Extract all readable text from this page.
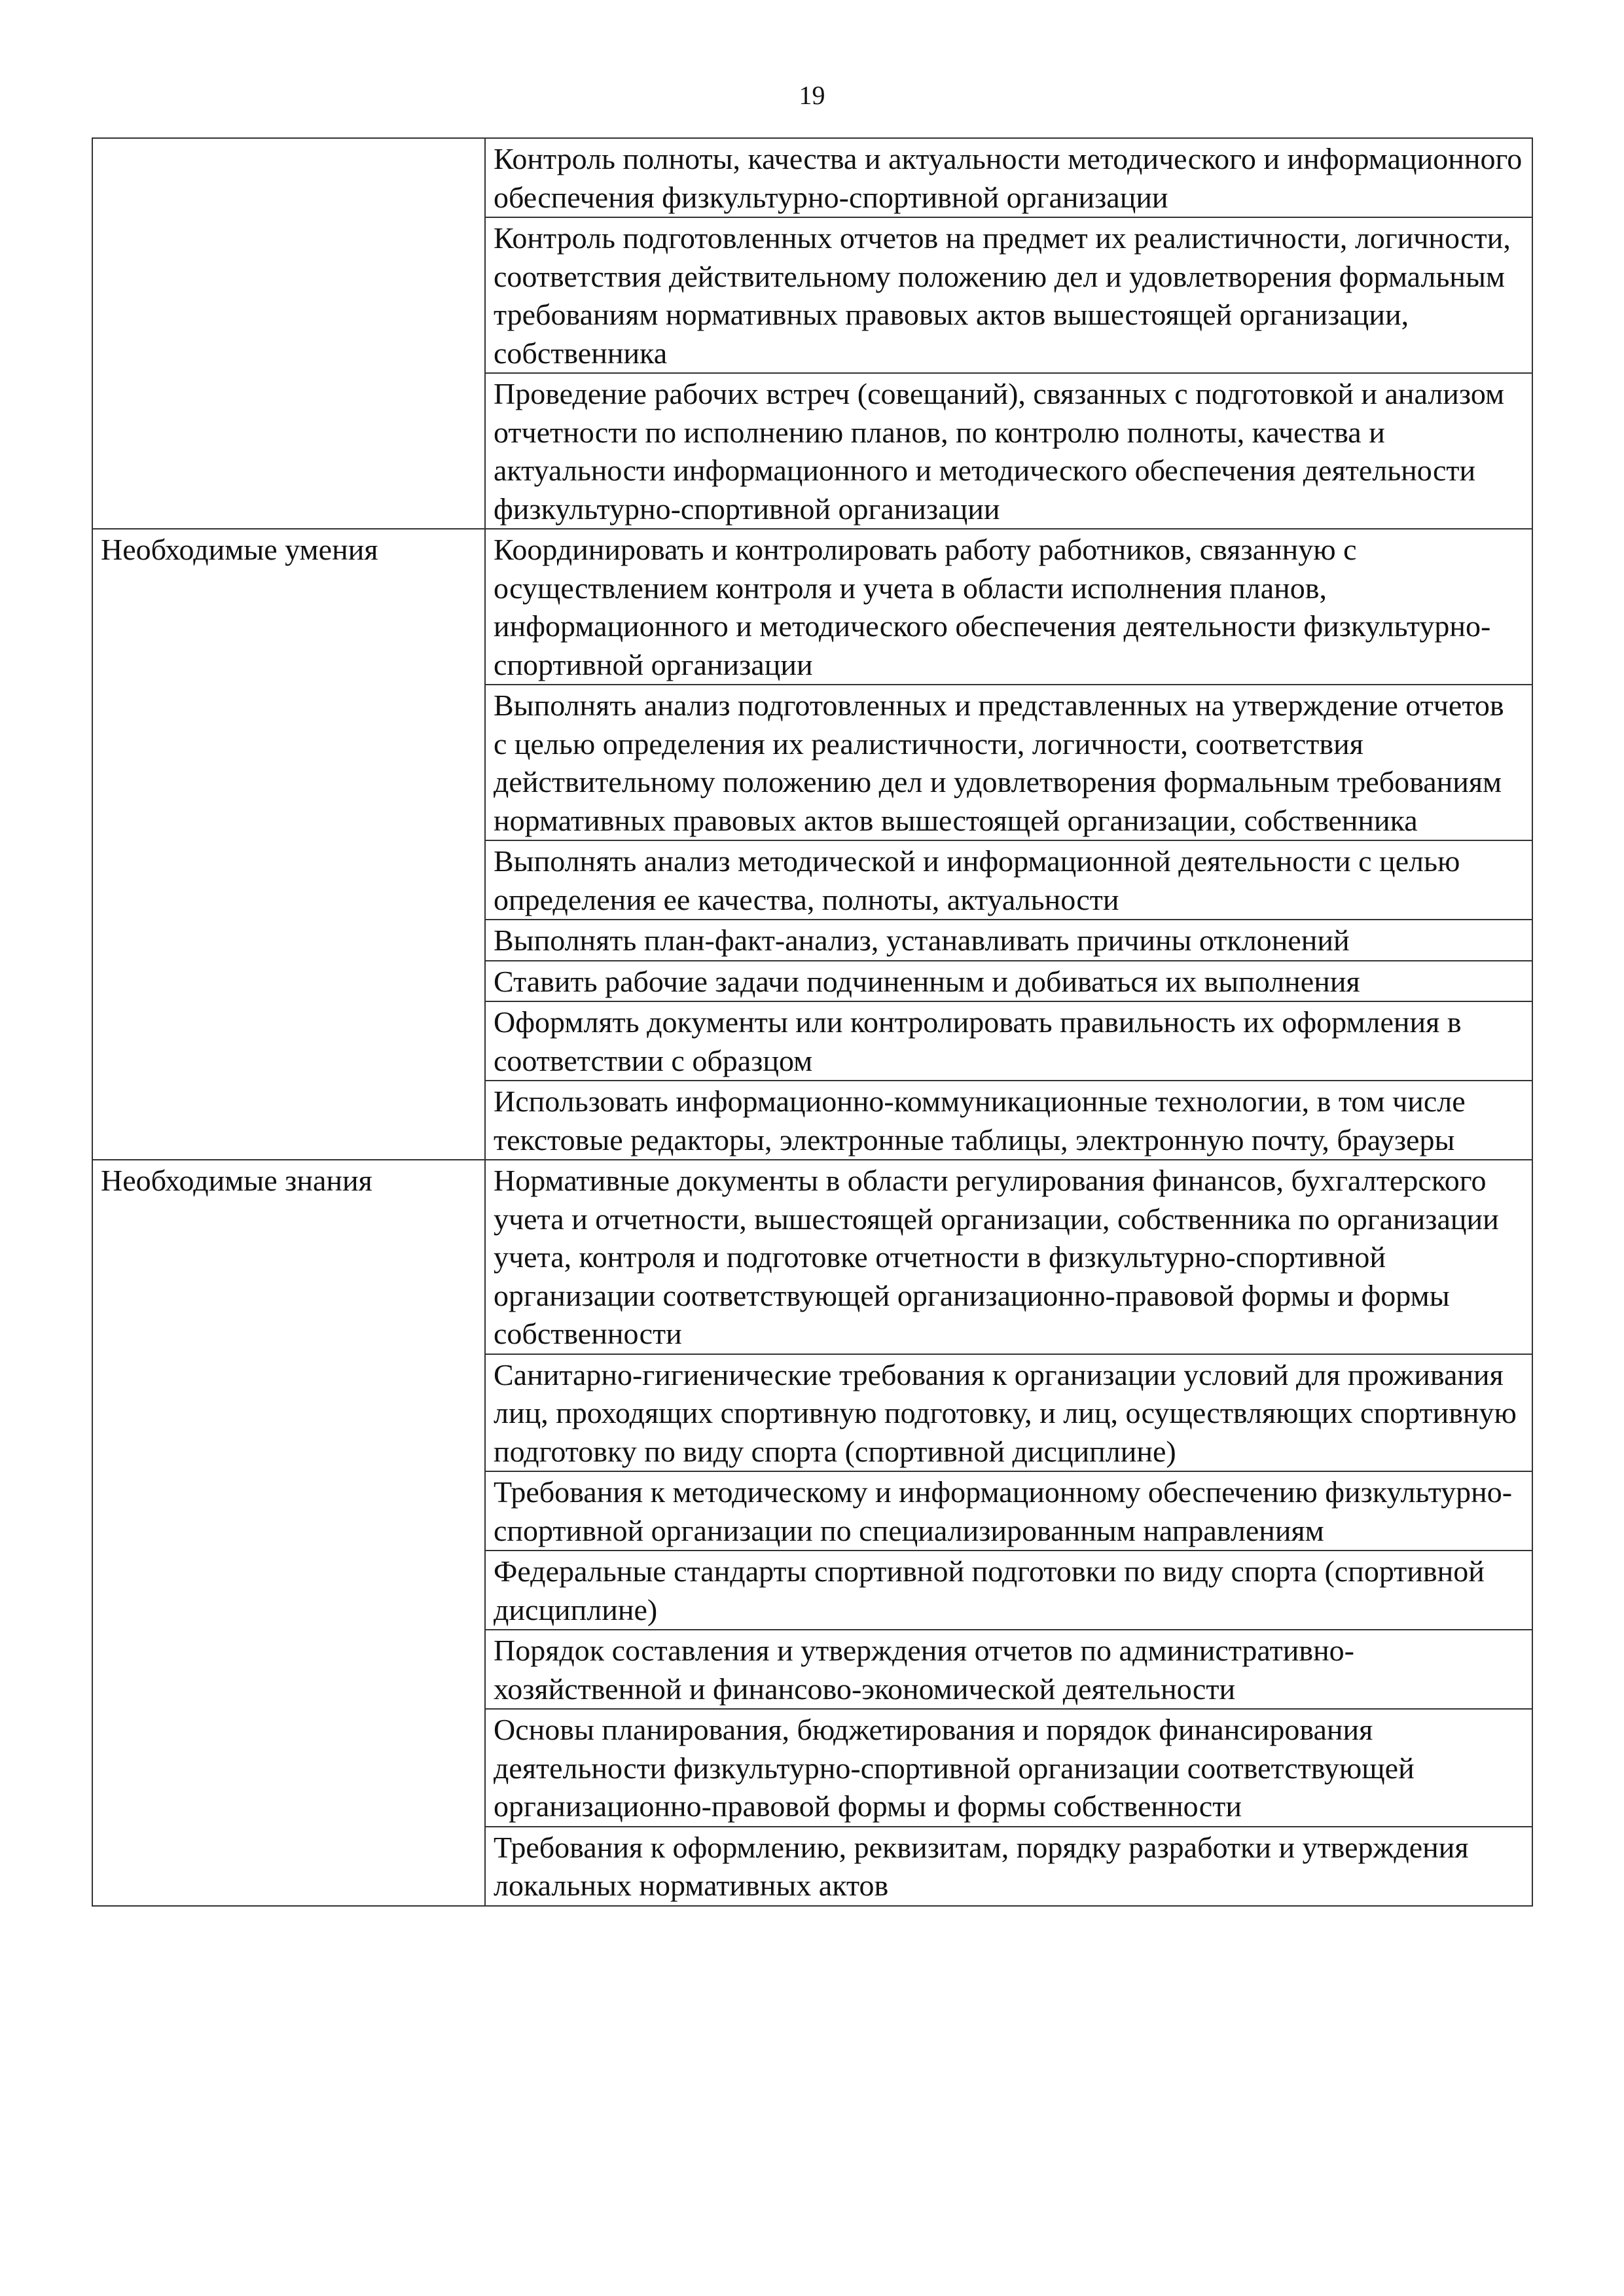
19
	Контроль полноты, качества и актуальности методического и информационного обеспечения физкультурно-спортивной организации
	Контроль подготовленных отчетов на предмет их реалистичности, логичности, соответствия действительному положению дел и удовлетворения формальным требованиям нормативных правовых актов вышестоящей организации, собственника
	Проведение рабочих встреч (совещаний), связанных с подготовкой и анализом отчетности по исполнению планов, по контролю полноты, качества и актуальности информационного и методического обеспечения деятельности физкультурно-спортивной организации
Необходимые умения	Координировать и контролировать работу работников, связанную с осуществлением контроля и учета в области исполнения планов, информационного и методического обеспечения деятельности физкультурно-спортивной организации
	Выполнять анализ подготовленных и представленных на утверждение отчетов с целью определения их реалистичности, логичности, соответствия действительному положению дел и удовлетворения формальным требованиям нормативных правовых актов вышестоящей организации, собственника
	Выполнять анализ методической и информационной деятельности с целью определения ее качества, полноты, актуальности
	Выполнять план-факт-анализ, устанавливать причины отклонений
	Ставить рабочие задачи подчиненным и добиваться их выполнения
	Оформлять документы или контролировать правильность их оформления в соответствии с образцом
	Использовать информационно-коммуникационные технологии, в том числе текстовые редакторы, электронные таблицы, электронную почту, браузеры
Необходимые знания	Нормативные документы в области регулирования финансов, бухгалтерского учета и отчетности, вышестоящей организации, собственника по организации учета, контроля и подготовке отчетности в физкультурно-спортивной организации соответствующей организационно-правовой формы и формы собственности
	Санитарно-гигиенические требования к организации условий для проживания лиц, проходящих спортивную подготовку, и лиц, осуществляющих спортивную подготовку по виду спорта (спортивной дисциплине)
	Требования к методическому и информационному обеспечению физкультурно-спортивной организации по специализированным направлениям
	Федеральные стандарты спортивной подготовки по виду спорта (спортивной дисциплине)
	Порядок составления и утверждения отчетов по административно-хозяйственной и финансово-экономической деятельности
	Основы планирования, бюджетирования и порядок финансирования деятельности физкультурно-спортивной организации соответствующей организационно-правовой формы и формы собственности
	Требования к оформлению, реквизитам, порядку разработки и утверждения локальных нормативных актов
